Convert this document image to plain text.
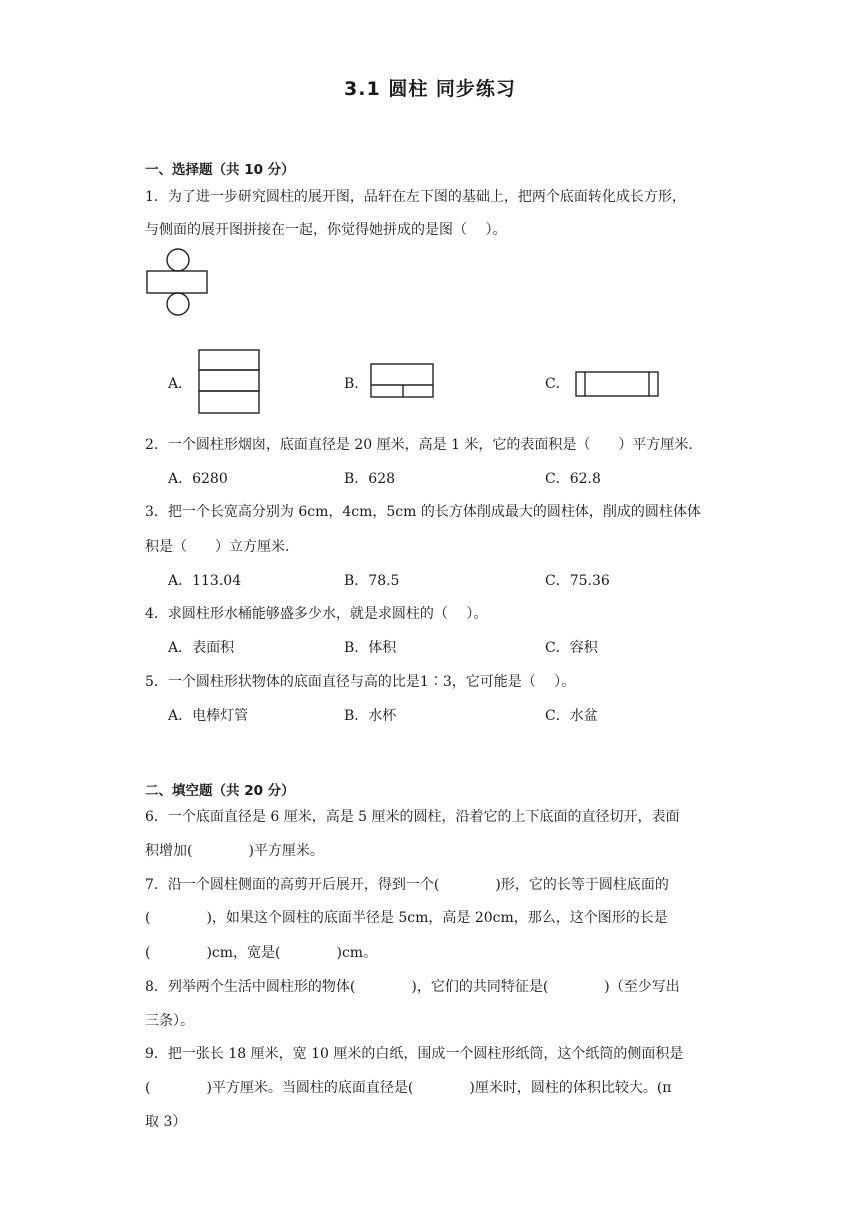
3.1 圆柱 同步练习
一、选择题（共 10 分）
1．为了进一步研究圆柱的展开图，品轩在左下图的基础上，把两个底面转化成长方形，
与侧面的展开图拼接在一起，你觉得她拼成的是图（　 ）。
A．	B．	C．
2．一个圆柱形烟囱，底面直径是 20 厘米，高是 1 米，它的表面积是（　　）平方厘米.
A．6280	B．628	C．62.8
3．把一个长宽高分别为 6cm，4cm，5cm 的长方体削成最大的圆柱体，削成的圆柱体体
积是（　　）立方厘米.
A．113.04	B．78.5	C．75.36
4．求圆柱形水桶能够盛多少水，就是求圆柱的（　 ）。
A．表面积	B．体积	C．容积
5．一个圆柱形状物体的底面直径与高的比是1∶3，它可能是（　 ）。
A．电棒灯管	B．水杯	C．水盆
二、填空题（共 20 分）
6．一个底面直径是 6 厘米，高是 5 厘米的圆柱，沿着它的上下底面的直径切开，表面
积增加(　　　　)平方厘米。
7．沿一个圆柱侧面的高剪开后展开，得到一个(　　　　)形，它的长等于圆柱底面的
(　　　　)，如果这个圆柱的底面半径是 5cm，高是 20cm，那么，这个图形的长是
(　　　　)cm，宽是(　　　　)cm。
8．列举两个生活中圆柱形的物体(　　　　)，它们的共同特征是(　　　　)（至少写出
三条）。
9．把一张长 18 厘米，宽 10 厘米的白纸，围成一个圆柱形纸筒，这个纸筒的侧面积是
(　　　　)平方厘米。当圆柱的底面直径是(　　　　)厘米时，圆柱的体积比较大。(π
取 3）
